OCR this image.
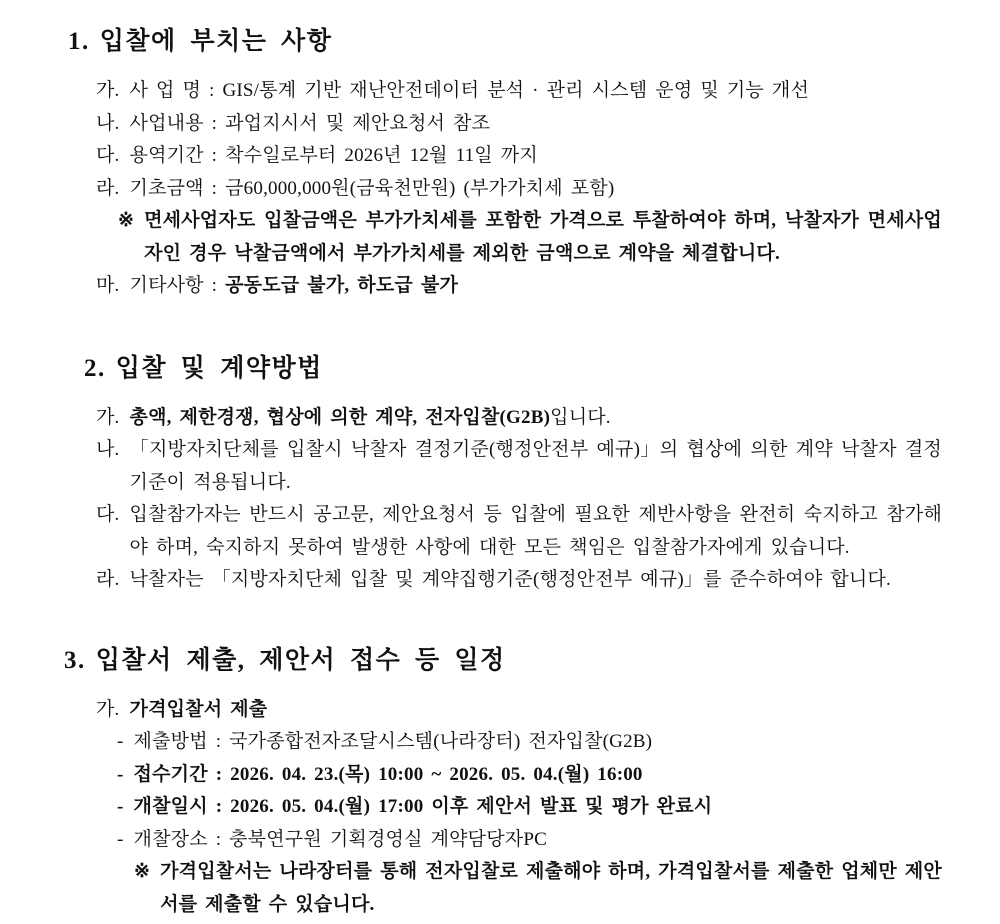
1. 입찰에 부치는 사항
가. 사 업 명 : GIS/통계 기반 재난안전데이터 분석 · 관리 시스템 운영 및 기능 개선
나. 사업내용 : 과업지시서 및 제안요청서 참조
다. 용역기간 : 착수일로부터 2026년 12월 11일 까지
라. 기초금액 : 금60,000,000원(금육천만원) (부가가치세 포함)
※ 면세사업자도 입찰금액은 부가가치세를 포함한 가격으로 투찰하여야 하며, 낙찰자가 면세사업자인 경우 낙찰금액에서 부가가치세를 제외한 금액으로 계약을 체결합니다.
마. 기타사항 : 공동도급 불가, 하도급 불가
2. 입찰 및 계약방법
가. 총액, 제한경쟁, 협상에 의한 계약, 전자입찰(G2B)입니다.
나. 「지방자치단체를 입찰시 낙찰자 결정기준(행정안전부 예규)」의 협상에 의한 계약 낙찰자 결정기준이 적용됩니다.
다. 입찰참가자는 반드시 공고문, 제안요청서 등 입찰에 필요한 제반사항을 완전히 숙지하고 참가해야 하며, 숙지하지 못하여 발생한 사항에 대한 모든 책임은 입찰참가자에게 있습니다.
라. 낙찰자는 「지방자치단체 입찰 및 계약집행기준(행정안전부 예규)」를 준수하여야 합니다.
3. 입찰서 제출, 제안서 접수 등 일정
가. 가격입찰서 제출
- 제출방법 : 국가종합전자조달시스템(나라장터) 전자입찰(G2B)
- 접수기간 : 2026. 04. 23.(목) 10:00 ~ 2026. 05. 04.(월) 16:00
- 개찰일시 : 2026. 05. 04.(월) 17:00 이후 제안서 발표 및 평가 완료시
- 개찰장소 : 충북연구원 기획경영실 계약담당자PC
※ 가격입찰서는 나라장터를 통해 전자입찰로 제출해야 하며, 가격입찰서를 제출한 업체만 제안서를 제출할 수 있습니다.
